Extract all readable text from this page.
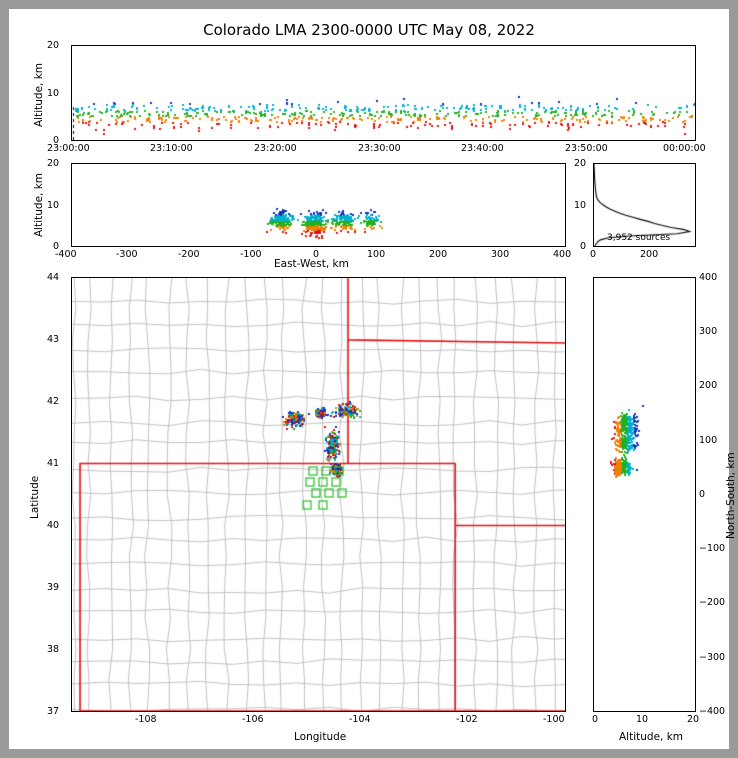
Colorado LMA 2300-0000 UTC May 08, 2022
Altitude, km
0
10
20
23:00:00	23:10:00	23:20:00	23:30:00	23:40:00	23:50:00	00:00:00
Altitude, km
0
10
20
-400	-300	-200	-100	0	100	200	300	400
East-West, km
0
10
20
0	200
3,952 sources
Latitude
44
43
42
41
40
39
38
37
-108	-106	-104	-102	-100
Longitude
400
300
200
100
0
−100
−200
−300
−400
0	10	20
North-South, km
Altitude, km
